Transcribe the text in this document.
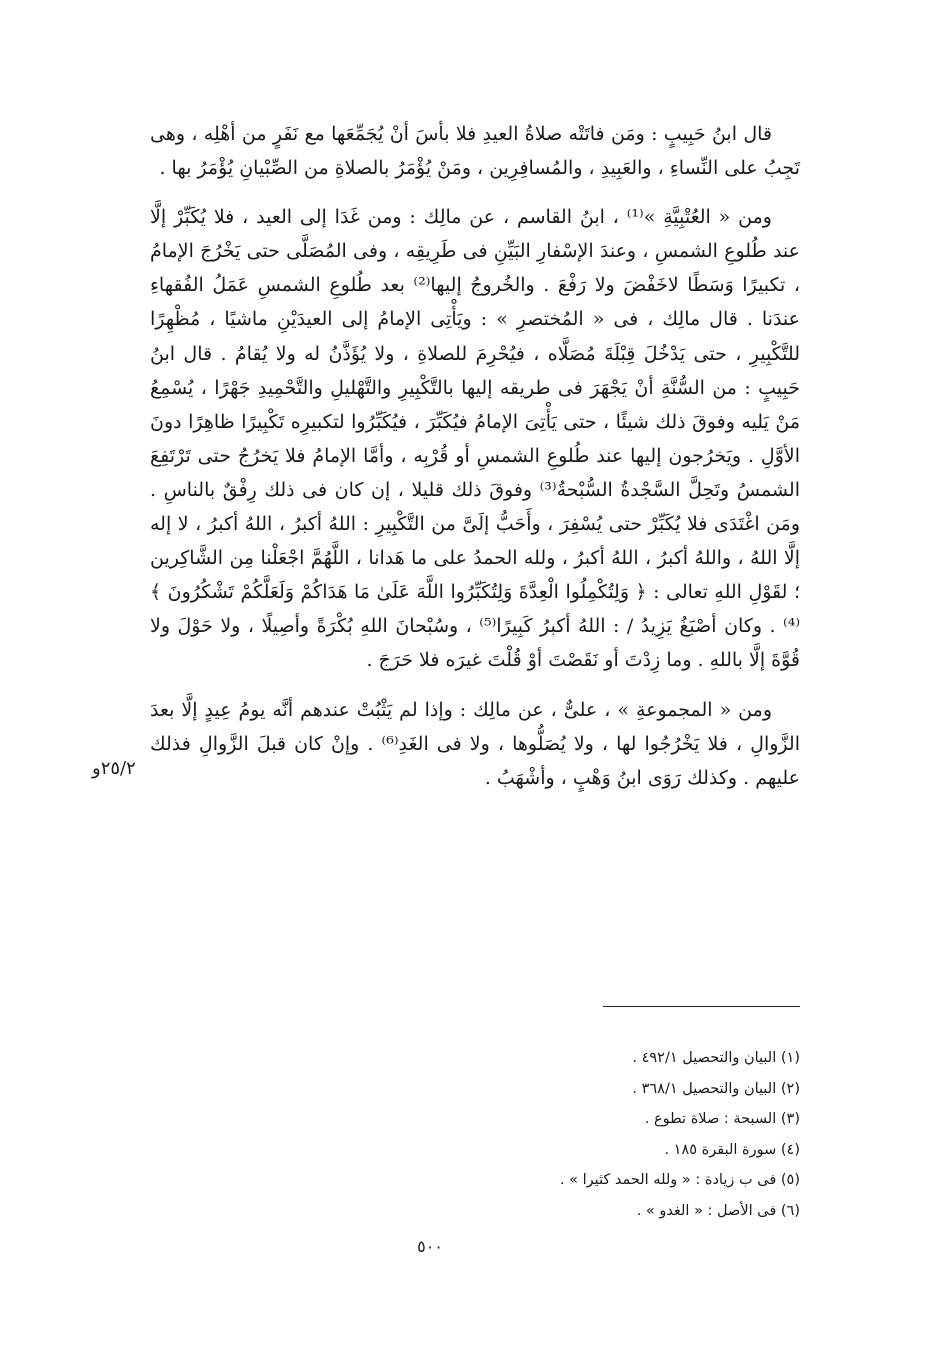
قال ابنُ حَبِيبٍ : ومَن فاتَتْه صلاةُ العيدِ فلا بأسَ أنْ يُجَمِّعَها مع نَفَرٍ من أهْلِه ، وهى تَجِبُ على النِّساءِ ، والعَبِيدِ ، والمُسافِرِين ، ومَنْ يُؤْمَرُ بالصلاةِ من الصِّبْيانِ يُؤْمَرُ بها .

ومن « العُتْبِيَّةِ »⁽¹⁾ ، ابنُ القاسم ، عن مالِك : ومن غَدَا إلى العيد ، فلا يُكَبِّرْ إلَّا عند طُلوعِ الشمسِ ، وعندَ الإسْفارِ البَيِّنِ فى طَرِيقِه ، وفى المُصَلَّى حتى يَخْرُجَ الإمامُ ، تكبيرًا وَسَطًا لاخَفْضَ ولا رَفْعَ . والخُروجُ إليها⁽²⁾ بعد طُلوعِ الشمسِ عَمَلُ الفُقهاءِ عندَنا . قال مالِك ، فى « المُختصرِ » : ويَأْتِى الإمامُ إلى العيدَيْنِ ماشيًا ، مُظْهِرًا للتَّكْبِيرِ ، حتى يَدْخُلَ قِبْلَةَ مُصَلَّاه ، فيُحْرِمَ للصلاةِ ، ولا يُؤَذَّنُ له ولا يُقامُ . قال ابنُ حَبِيبٍ : من السُّنَّةِ أنْ يَجْهَرَ فى طريقه إليها بالتَّكْبِيرِ والتَّهْليلِ والتَّحْمِيدِ جَهْرًا ، يُسْمِعُ مَنْ يَليه وفوقَ ذلك شيئًا ، حتى يَأْتِىَ الإمامُ فيُكَبِّرَ ، فيُكَبِّرُوا لتكبيرِه تَكْبِيرًا ظاهِرًا دونَ الأوَّلِ . ويَخرُجون إليها عند طُلوعِ الشمسِ أو قُرْبِه ، وأمَّا الإمامُ فلا يَخرُجُ حتى تَرْتَفِعَ الشمسُ وتَحِلَّ السَّجْدةُ السُّبْحةُ⁽³⁾ وفوقَ ذلك قليلا ، إن كان فى ذلك رِفْقٌ بالناسِ . ومَن اغْتَدَى فلا يُكَبِّرْ حتى يُسْفِرَ ، وأَحَبُّ إلَىَّ من التَّكْبِيرِ : اللهُ أكبرُ ، اللهُ أكبرُ ، لا إله إلَّا اللهُ ، واللهُ أكبرُ ، اللهُ أكبرُ ، ولله الحمدُ على ما هَدانا ، اللَّهُمَّ اجْعَلْنا مِن الشَّاكِرين ؛ لقَوْلِ اللهِ تعالى : ﴿ وَلِتُكْمِلُوا الْعِدَّةَ وَلِتُكَبِّرُوا اللَّهَ عَلَىٰ مَا هَدَاكُمْ وَلَعَلَّكُمْ تَشْكُرُونَ ﴾⁽⁴⁾ . وكان أصْبَغُ يَزِيدُ / : اللهُ أكبرُ كَبِيرًا⁽⁵⁾ ، وسُبْحانَ اللهِ بُكْرَةً وأصِيلًا ، ولا حَوْلَ ولا قُوَّةَ إلَّا باللهِ . وما زِدْتَ أو نَقَصْتَ أوْ قُلْتَ غيرَه فلا حَرَجَ .

ومن « المجموعةِ » ، علىٌّ ، عن مالِك : وإذا لم يَثْبُتْ عندهم أنَّه يومُ عِيدٍ إلَّا بعدَ الزَّوالِ ، فلا يَخْرُجُوا لها ، ولا يُصَلُّوها ، ولا فى الغَدِ⁽⁶⁾ . وإنْ كان قبلَ الزَّوالِ فذلك عليهم . وكذلك رَوَى ابنُ وَهْبٍ ، وأشْهَبُ .

٢٥/٢و
(١) البيان والتحصيل ٤٩٢/١ .
(٢) البيان والتحصيل ٣٦٨/١ .
(٣) السبحة : صلاة تطوع .
(٤) سورة البقرة ١٨٥ .
(٥) فى ب زيادة : « ولله الحمد كثيرا » .
(٦) فى الأصل : « الغدو » .
٥٠٠
